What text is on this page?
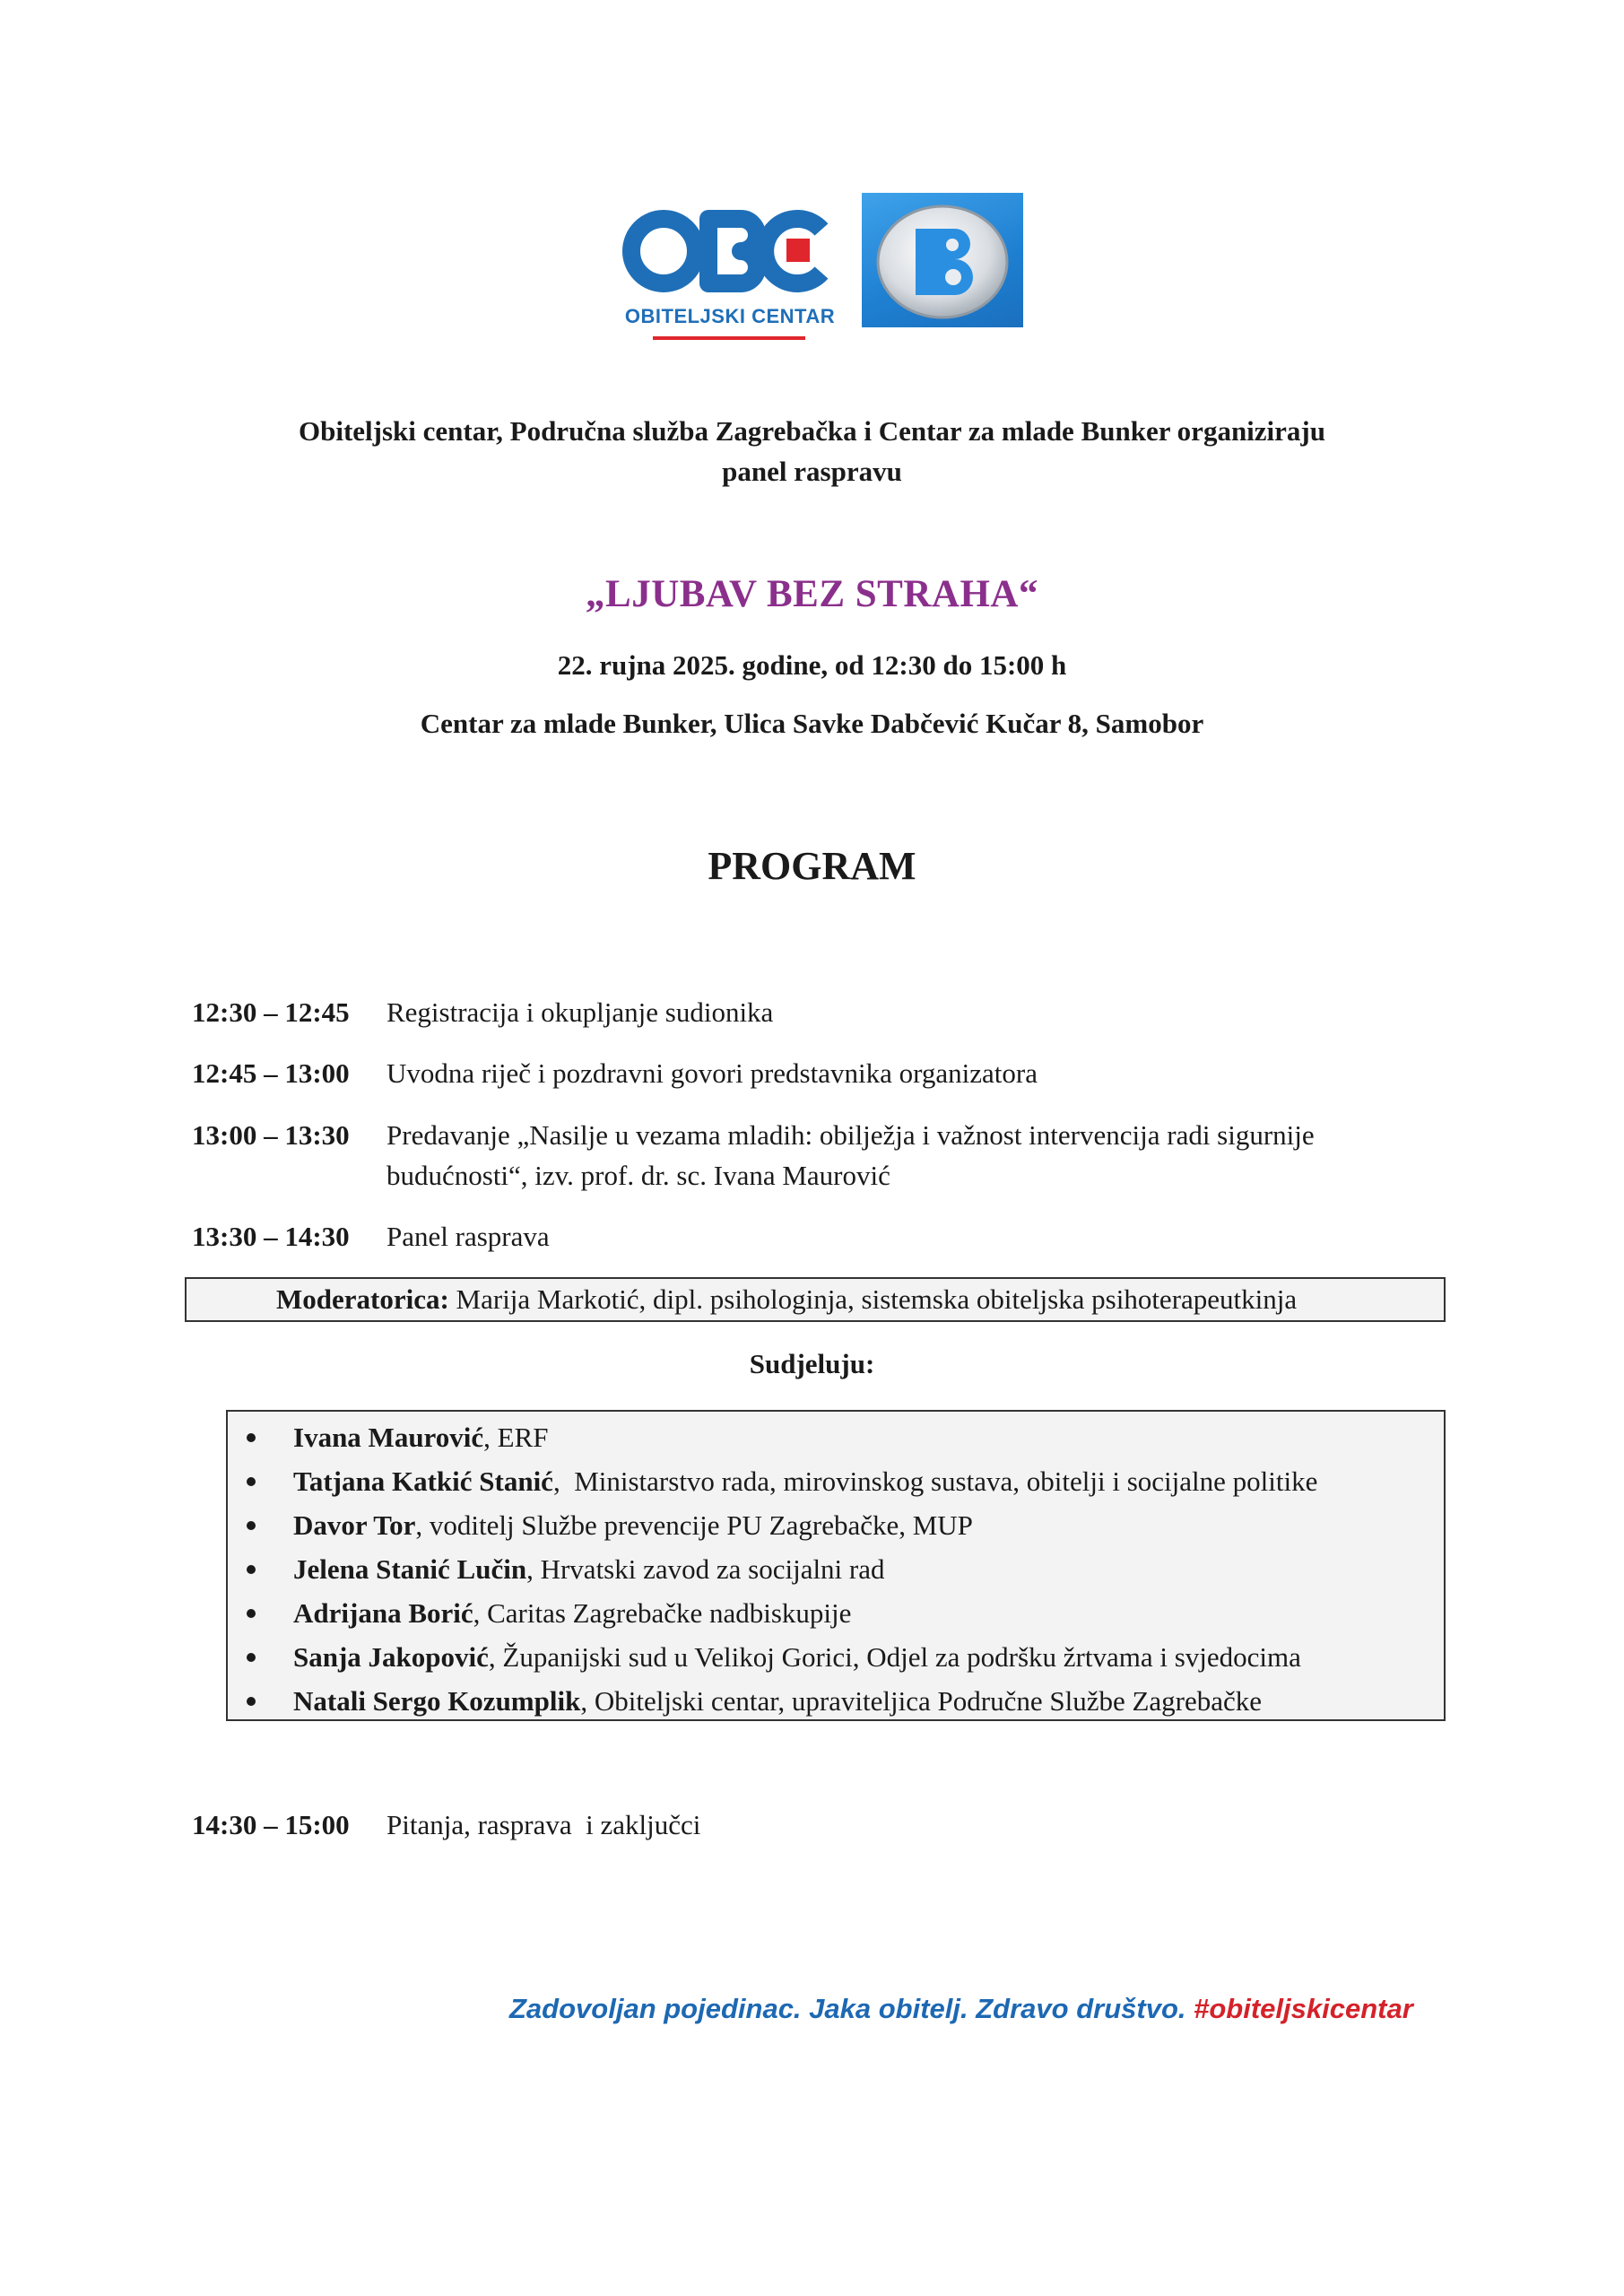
OBITELJSKI CENTAR
Obiteljski centar, Područna služba Zagrebačka i Centar za mlade Bunker organiziraju
panel raspravu
„LJUBAV BEZ STRAHA“
22. rujna 2025. godine, od 12:30 do 15:00 h
Centar za mlade Bunker, Ulica Savke Dabčević Kučar 8, Samobor
PROGRAM
12:30 – 12:45	Registracija i okupljanje sudionika
12:45 – 13:00	Uvodna riječ i pozdravni govori predstavnika organizatora
13:00 – 13:30	Predavanje „Nasilje u vezama mladih: obilježja i važnost intervencija radi sigurnije budućnosti“, izv. prof. dr. sc. Ivana Maurović
13:30 – 14:30	Panel rasprava
Moderatorica: Marija Markotić, dipl. psihologinja, sistemska obiteljska psihoterapeutkinja
Sudjeluju:
Ivana Maurović, ERF
Tatjana Katkić Stanić,  Ministarstvo rada, mirovinskog sustava, obitelji i socijalne politike
Davor Tor, voditelj Službe prevencije PU Zagrebačke, MUP
Jelena Stanić Lučin, Hrvatski zavod za socijalni rad
Adrijana Borić, Caritas Zagrebačke nadbiskupije
Sanja Jakopović, Županijski sud u Velikoj Gorici, Odjel za podršku žrtvama i svjedocima
Natali Sergo Kozumplik, Obiteljski centar, upraviteljica Područne Službe Zagrebačke
14:30 – 15:00	Pitanja, rasprava  i zaključci
Zadovoljan pojedinac. Jaka obitelj. Zdravo društvo. #obiteljskicentar
